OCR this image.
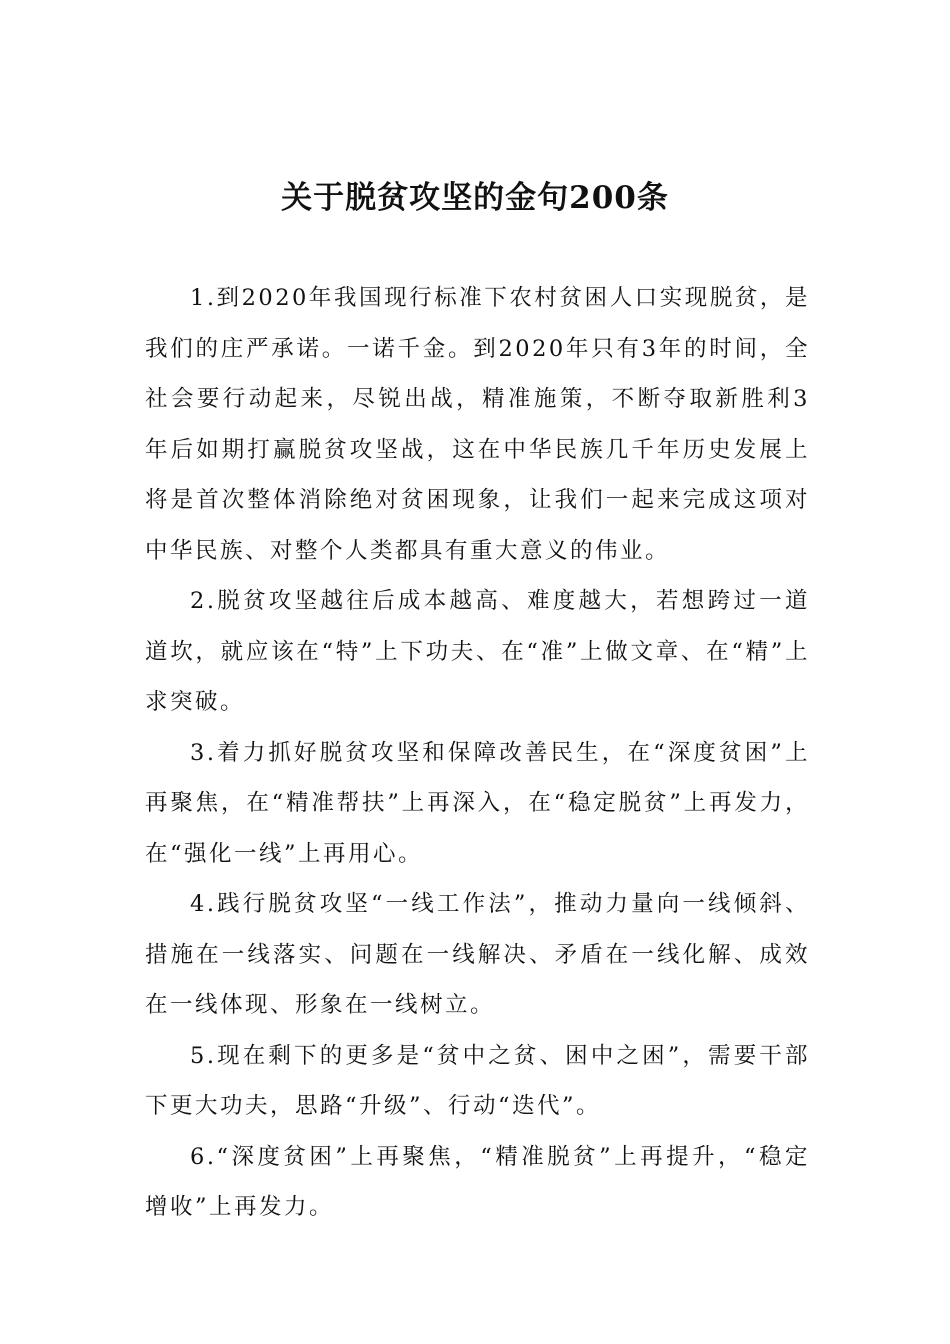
关于脱贫攻坚的金句200条

1.到2020年我国现行标准下农村贫困人口实现脱贫，是我们的庄严承诺。一诺千金。到2020年只有3年的时间，全社会要行动起来，尽锐出战，精准施策，不断夺取新胜利3年后如期打赢脱贫攻坚战，这在中华民族几千年历史发展上将是首次整体消除绝对贫困现象，让我们一起来完成这项对中华民族、对整个人类都具有重大意义的伟业。

2.脱贫攻坚越往后成本越高、难度越大，若想跨过一道道坎，就应该在“特”上下功夫、在“准”上做文章、在“精”上求突破。

3.着力抓好脱贫攻坚和保障改善民生，在“深度贫困”上再聚焦，在“精准帮扶”上再深入，在“稳定脱贫”上再发力，在“强化一线”上再用心。

4.践行脱贫攻坚“一线工作法”，推动力量向一线倾斜、措施在一线落实、问题在一线解决、矛盾在一线化解、成效在一线体现、形象在一线树立。

5.现在剩下的更多是“贫中之贫、困中之困”，需要干部下更大功夫，思路“升级”、行动“迭代”。

6.“深度贫困”上再聚焦，“精准脱贫”上再提升，“稳定增收”上再发力。
